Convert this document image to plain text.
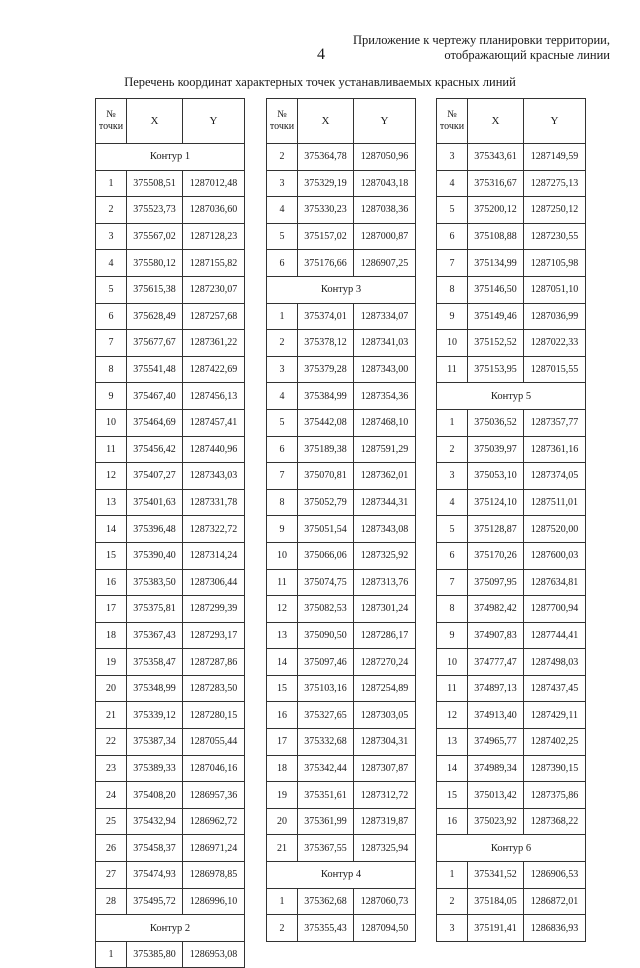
Приложение к чертежу планировки территории,
отображающий красные линии
4
Перечень координат характерных точек устанавливаемых красных линий
№
точки	X	Y
Контур 1		
1	375508,51	1287012,48
2	375523,73	1287036,60
3	375567,02	1287128,23
4	375580,12	1287155,82
5	375615,38	1287230,07
6	375628,49	1287257,68
7	375677,67	1287361,22
8	375541,48	1287422,69
9	375467,40	1287456,13
10	375464,69	1287457,41
11	375456,42	1287440,96
12	375407,27	1287343,03
13	375401,63	1287331,78
14	375396,48	1287322,72
15	375390,40	1287314,24
16	375383,50	1287306,44
17	375375,81	1287299,39
18	375367,43	1287293,17
19	375358,47	1287287,86
20	375348,99	1287283,50
21	375339,12	1287280,15
22	375387,34	1287055,44
23	375389,33	1287046,16
24	375408,20	1286957,36
25	375432,94	1286962,72
26	375458,37	1286971,24
27	375474,93	1286978,85
28	375495,72	1286996,10
Контур 2		
1	375385,80	1286953,08
№
точки	X	Y
2	375364,78	1287050,96
3	375329,19	1287043,18
4	375330,23	1287038,36
5	375157,02	1287000,87
6	375176,66	1286907,25
Контур 3		
1	375374,01	1287334,07
2	375378,12	1287341,03
3	375379,28	1287343,00
4	375384,99	1287354,36
5	375442,08	1287468,10
6	375189,38	1287591,29
7	375070,81	1287362,01
8	375052,79	1287344,31
9	375051,54	1287343,08
10	375066,06	1287325,92
11	375074,75	1287313,76
12	375082,53	1287301,24
13	375090,50	1287286,17
14	375097,46	1287270,24
15	375103,16	1287254,89
16	375327,65	1287303,05
17	375332,68	1287304,31
18	375342,44	1287307,87
19	375351,61	1287312,72
20	375361,99	1287319,87
21	375367,55	1287325,94
Контур 4		
1	375362,68	1287060,73
2	375355,43	1287094,50
№
точки	X	Y
3	375343,61	1287149,59
4	375316,67	1287275,13
5	375200,12	1287250,12
6	375108,88	1287230,55
7	375134,99	1287105,98
8	375146,50	1287051,10
9	375149,46	1287036,99
10	375152,52	1287022,33
11	375153,95	1287015,55
Контур 5		
1	375036,52	1287357,77
2	375039,97	1287361,16
3	375053,10	1287374,05
4	375124,10	1287511,01
5	375128,87	1287520,00
6	375170,26	1287600,03
7	375097,95	1287634,81
8	374982,42	1287700,94
9	374907,83	1287744,41
10	374777,47	1287498,03
11	374897,13	1287437,45
12	374913,40	1287429,11
13	374965,77	1287402,25
14	374989,34	1287390,15
15	375013,42	1287375,86
16	375023,92	1287368,22
Контур 6		
1	375341,52	1286906,53
2	375184,05	1286872,01
3	375191,41	1286836,93
